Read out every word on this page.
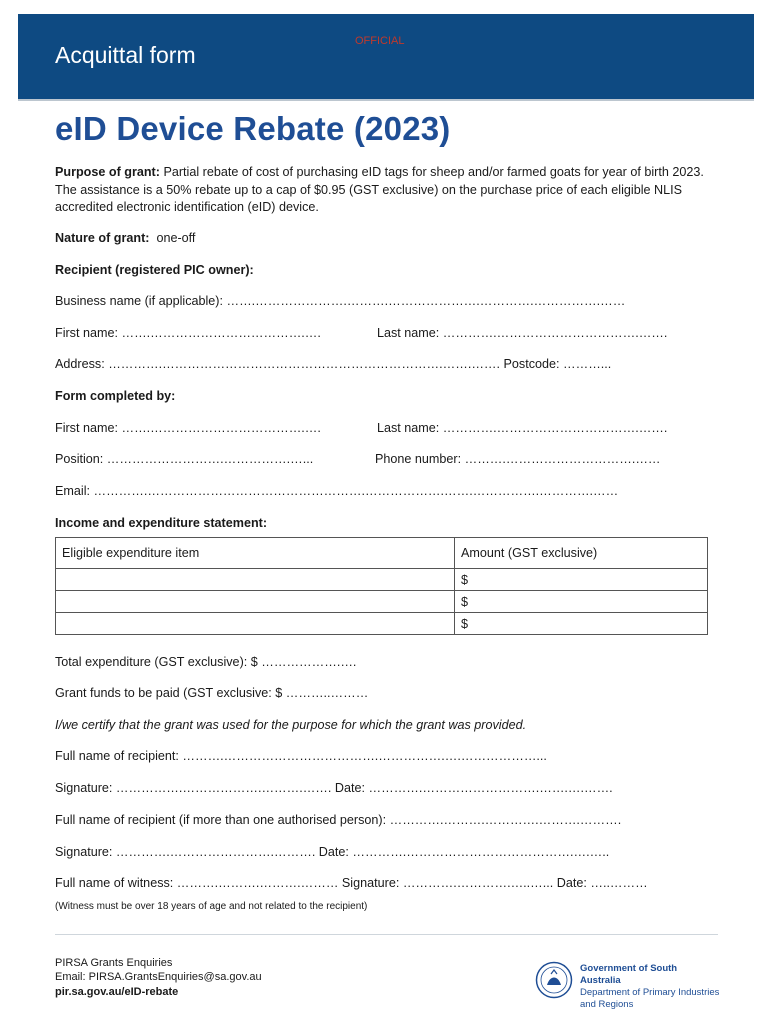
Acquittal form
OFFICIAL
eID Device Rebate (2023)
Purpose of grant: Partial rebate of cost of purchasing eID tags for sheep and/or farmed goats for year of birth 2023. The assistance is a 50% rebate up to a cap of $0.95 (GST exclusive) on the purchase price of each eligible NLIS accredited electronic identification (eID) device.
Nature of grant: one-off
Recipient (registered PIC owner):
Business name (if applicable): …….………………….……….………………….………….…………….……
First name: …….……………………………….….	Last name: ………….…………………………….…….
Address: ………….………………………………………………………….…….……. Postcode: ………...
Form completed by:
First name: …….……………………………….….	Last name: ………….…………………………….…….
Position: ……………………….…………….…...	Phone number: ……….………………………….……
Email: ………….…………………………………………….……………….…….…………….………….……
Income and expenditure statement:
Eligible expenditure item	Amount (GST exclusive)
	$
	$
	$
Total expenditure (GST exclusive): $ ……………….….
Grant funds to be paid (GST exclusive: $ ………..………
I/we certify that the grant was used for the purpose for which the grant was provided.
Full name of recipient: ……….……………………………….…………….….………………...
Signature: …………….……………….……….……. Date: ………….……………………….…….….…….
Full name of recipient (if more than one authorised person): ………….……….………….……….……….
Signature: ………….…………………….………. Date: ………….………………………………….….…..
Full name of witness: ……….……….……….……… Signature: ………….………….…..…... Date: …..………
(Witness must be over 18 years of age and not related to the recipient)
PIRSA Grants Enquiries
Email: PIRSA.GrantsEnquiries@sa.gov.au
pir.sa.gov.au/eID-rebate
Government of South Australia
Department of Primary Industries
and Regions
